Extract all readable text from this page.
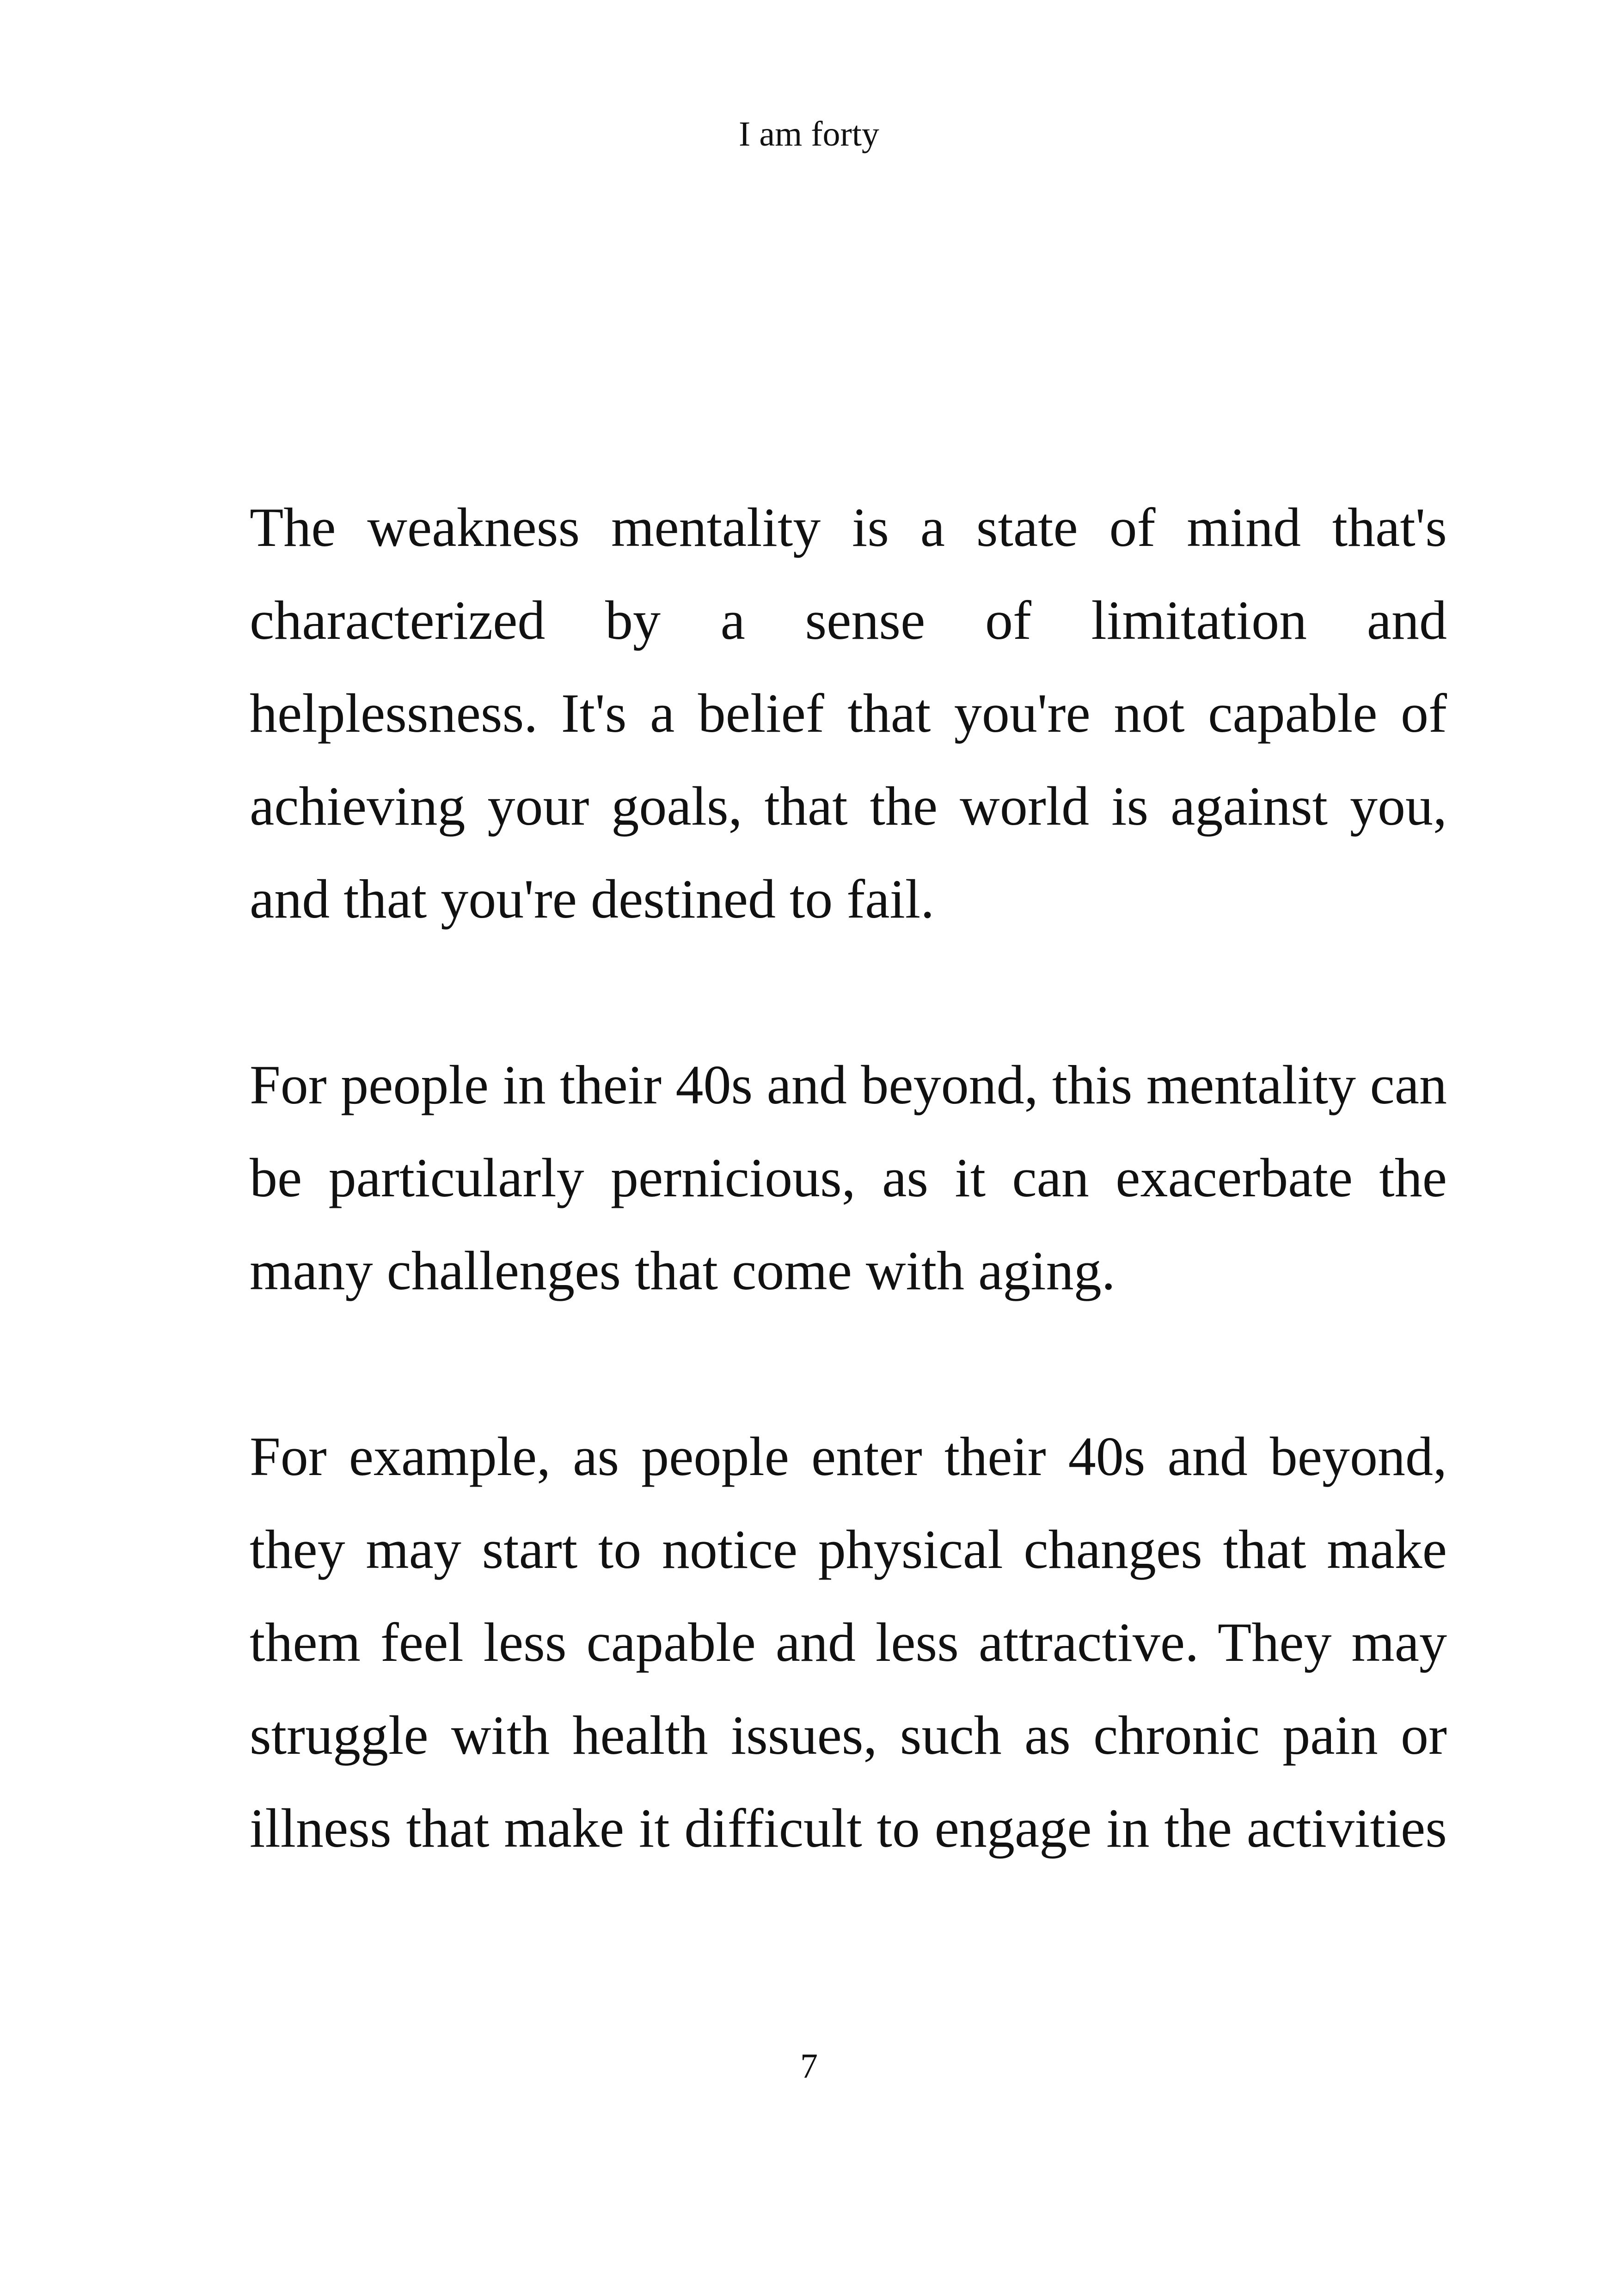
I am forty

The weakness mentality is a state of mind that's characterized by a sense of limitation and helplessness. It's a belief that you're not capable of achieving your goals, that the world is against you, and that you're destined to fail.

For people in their 40s and beyond, this mentality can be particularly pernicious, as it can exacerbate the many challenges that come with aging.

For example, as people enter their 40s and beyond, they may start to notice physical changes that make them feel less capable and less attractive. They may struggle with health issues, such as chronic pain or illness that make it difficult to engage in the activities

7
